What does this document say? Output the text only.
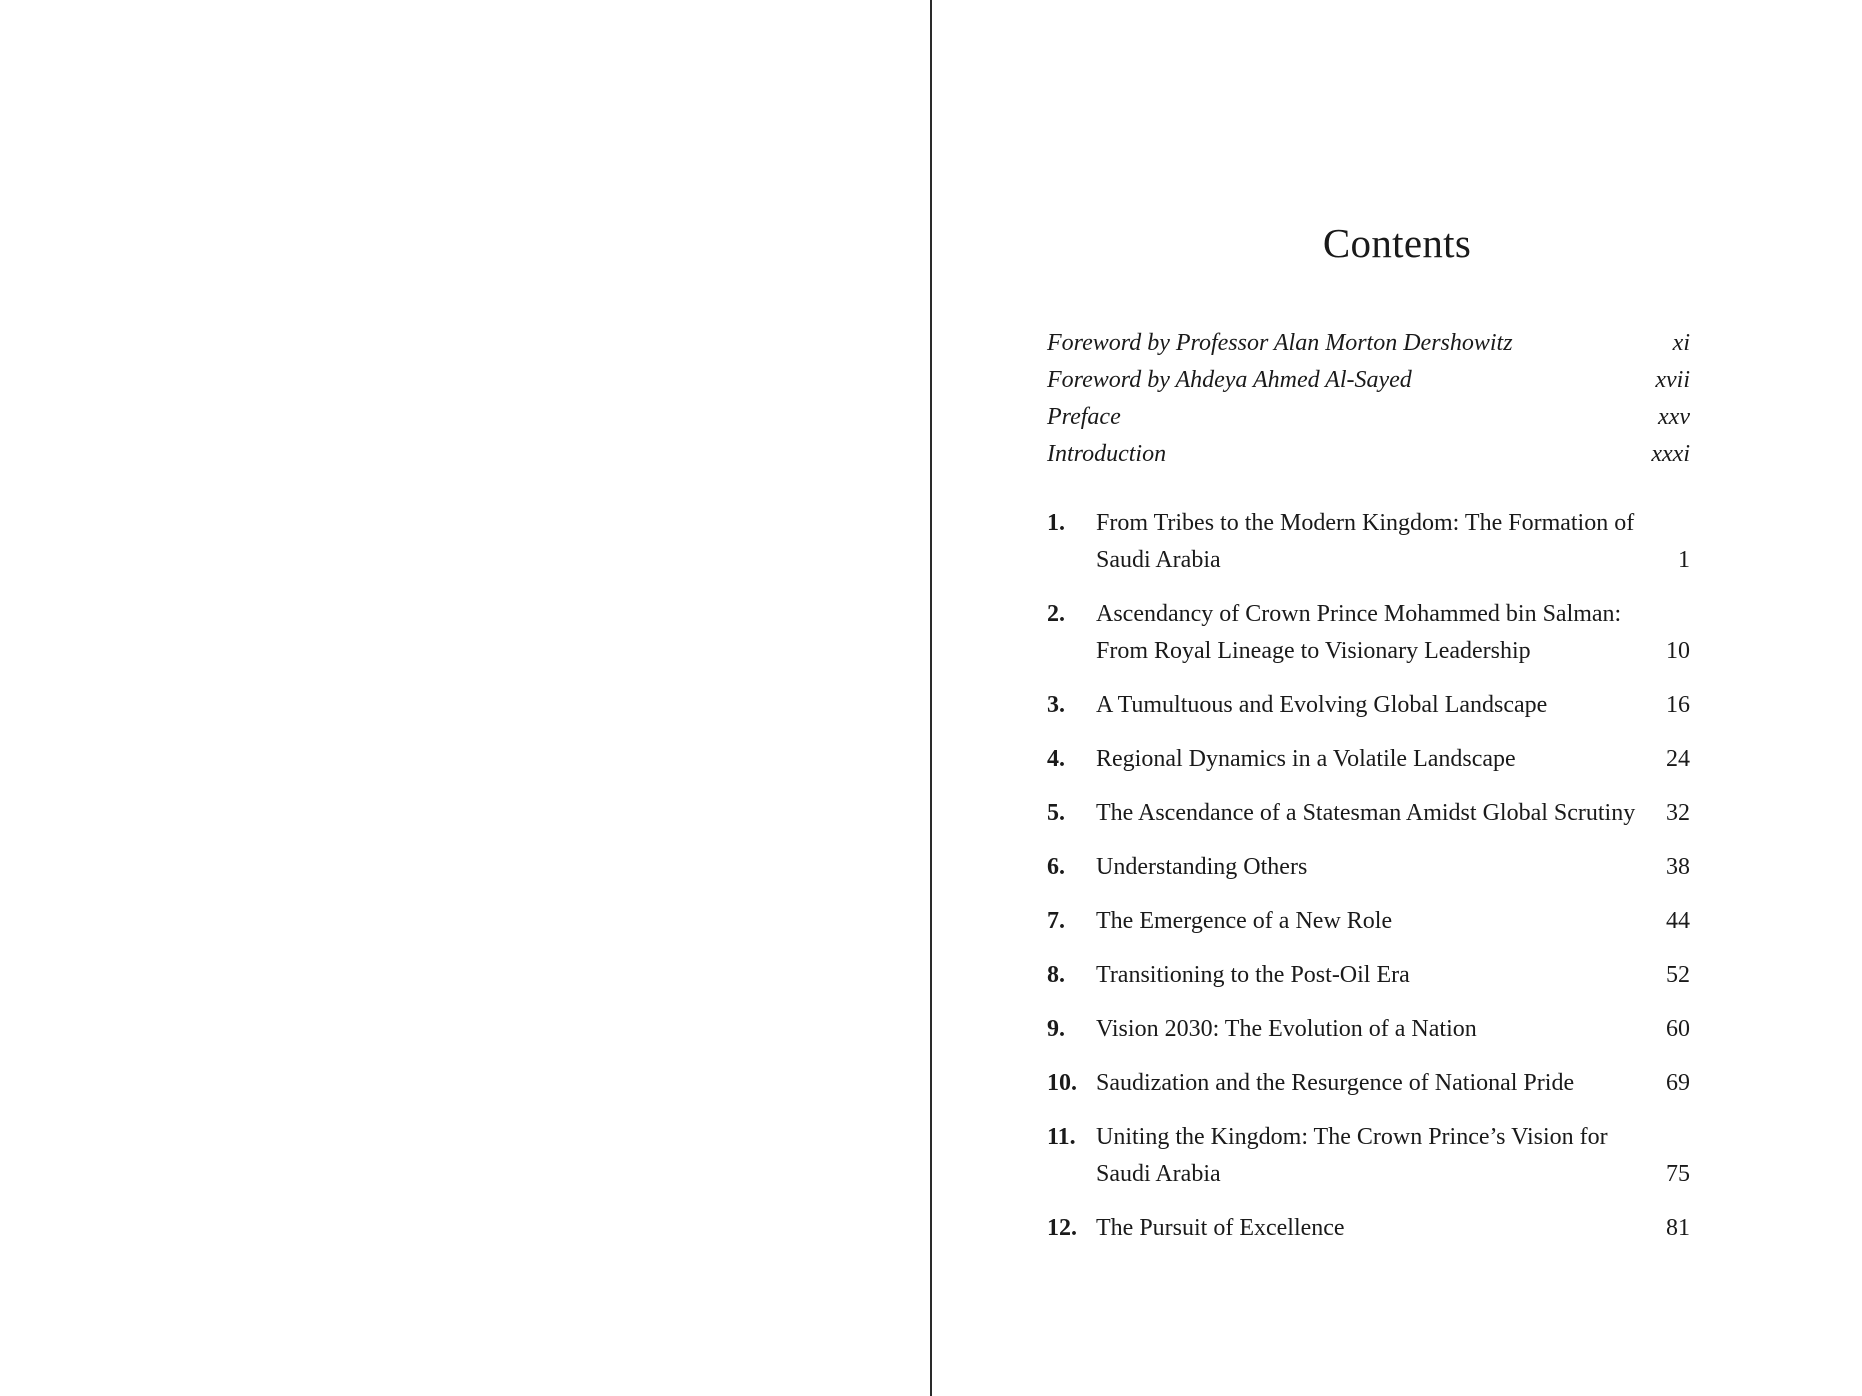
Contents
Foreword by Professor Alan Morton Dershowitz	xi
Foreword by Ahdeya Ahmed Al-Sayed	xvii
Preface	xxv
Introduction	xxxi
1. From Tribes to the Modern Kingdom: The Formation of Saudi Arabia	1
2. Ascendancy of Crown Prince Mohammed bin Salman: From Royal Lineage to Visionary Leadership	10
3. A Tumultuous and Evolving Global Landscape	16
4. Regional Dynamics in a Volatile Landscape	24
5. The Ascendance of a Statesman Amidst Global Scrutiny	32
6. Understanding Others	38
7. The Emergence of a New Role	44
8. Transitioning to the Post-Oil Era	52
9. Vision 2030: The Evolution of a Nation	60
10. Saudization and the Resurgence of National Pride	69
11. Uniting the Kingdom: The Crown Prince’s Vision for Saudi Arabia	75
12. The Pursuit of Excellence	81
